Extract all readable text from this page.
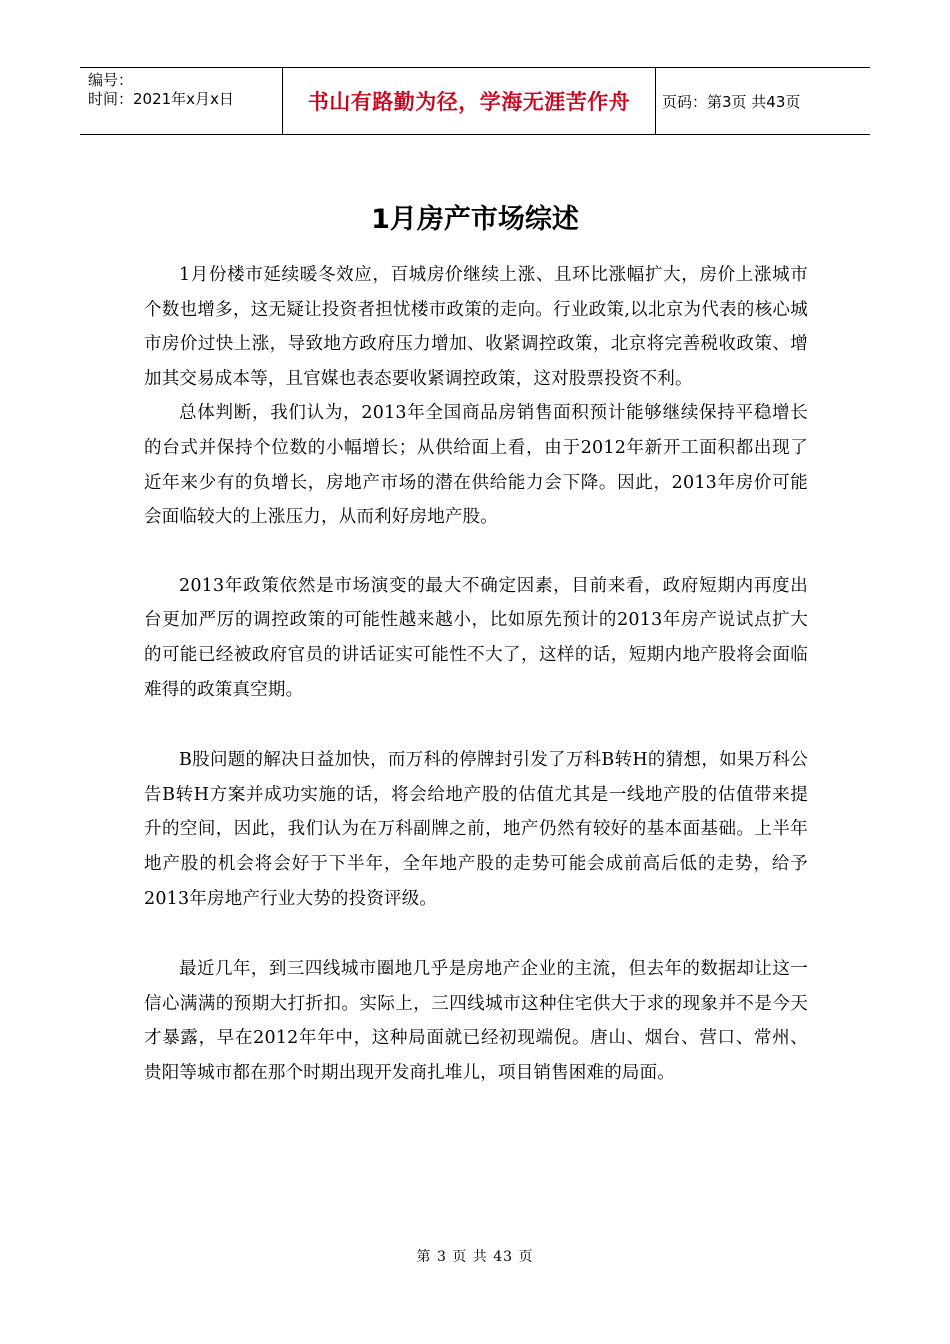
编号：
时间：2021年x月x日	书山有路勤为径，学海无涯苦作舟	页码：第3页 共43页
1月房产市场综述

1月份楼市延续暖冬效应，百城房价继续上涨、且环比涨幅扩大，房价上涨城市个数也增多，这无疑让投资者担忧楼市政策的走向。行业政策,以北京为代表的核心城市房价过快上涨，导致地方政府压力增加、收紧调控政策，北京将完善税收政策、增加其交易成本等，且官媒也表态要收紧调控政策，这对股票投资不利。

总体判断，我们认为，2013年全国商品房销售面积预计能够继续保持平稳增长的台式并保持个位数的小幅增长；从供给面上看，由于2012年新开工面积都出现了近年来少有的负增长，房地产市场的潜在供给能力会下降。因此，2013年房价可能会面临较大的上涨压力，从而利好房地产股。

2013年政策依然是市场演变的最大不确定因素，目前来看，政府短期内再度出台更加严厉的调控政策的可能性越来越小，比如原先预计的2013年房产说试点扩大的可能已经被政府官员的讲话证实可能性不大了，这样的话，短期内地产股将会面临难得的政策真空期。

B股问题的解决日益加快，而万科的停牌封引发了万科B转H的猜想，如果万科公告B转H方案并成功实施的话，将会给地产股的估值尤其是一线地产股的估值带来提升的空间，因此，我们认为在万科副牌之前，地产仍然有较好的基本面基础。上半年地产股的机会将会好于下半年，全年地产股的走势可能会成前高后低的走势，给予2013年房地产行业大势的投资评级。

最近几年，到三四线城市圈地几乎是房地产企业的主流，但去年的数据却让这一信心满满的预期大打折扣。实际上，三四线城市这种住宅供大于求的现象并不是今天才暴露，早在2012年年中，这种局面就已经初现端倪。唐山、烟台、营口、常州、贵阳等城市都在那个时期出现开发商扎堆儿，项目销售困难的局面。

第 3 页 共 43 页
